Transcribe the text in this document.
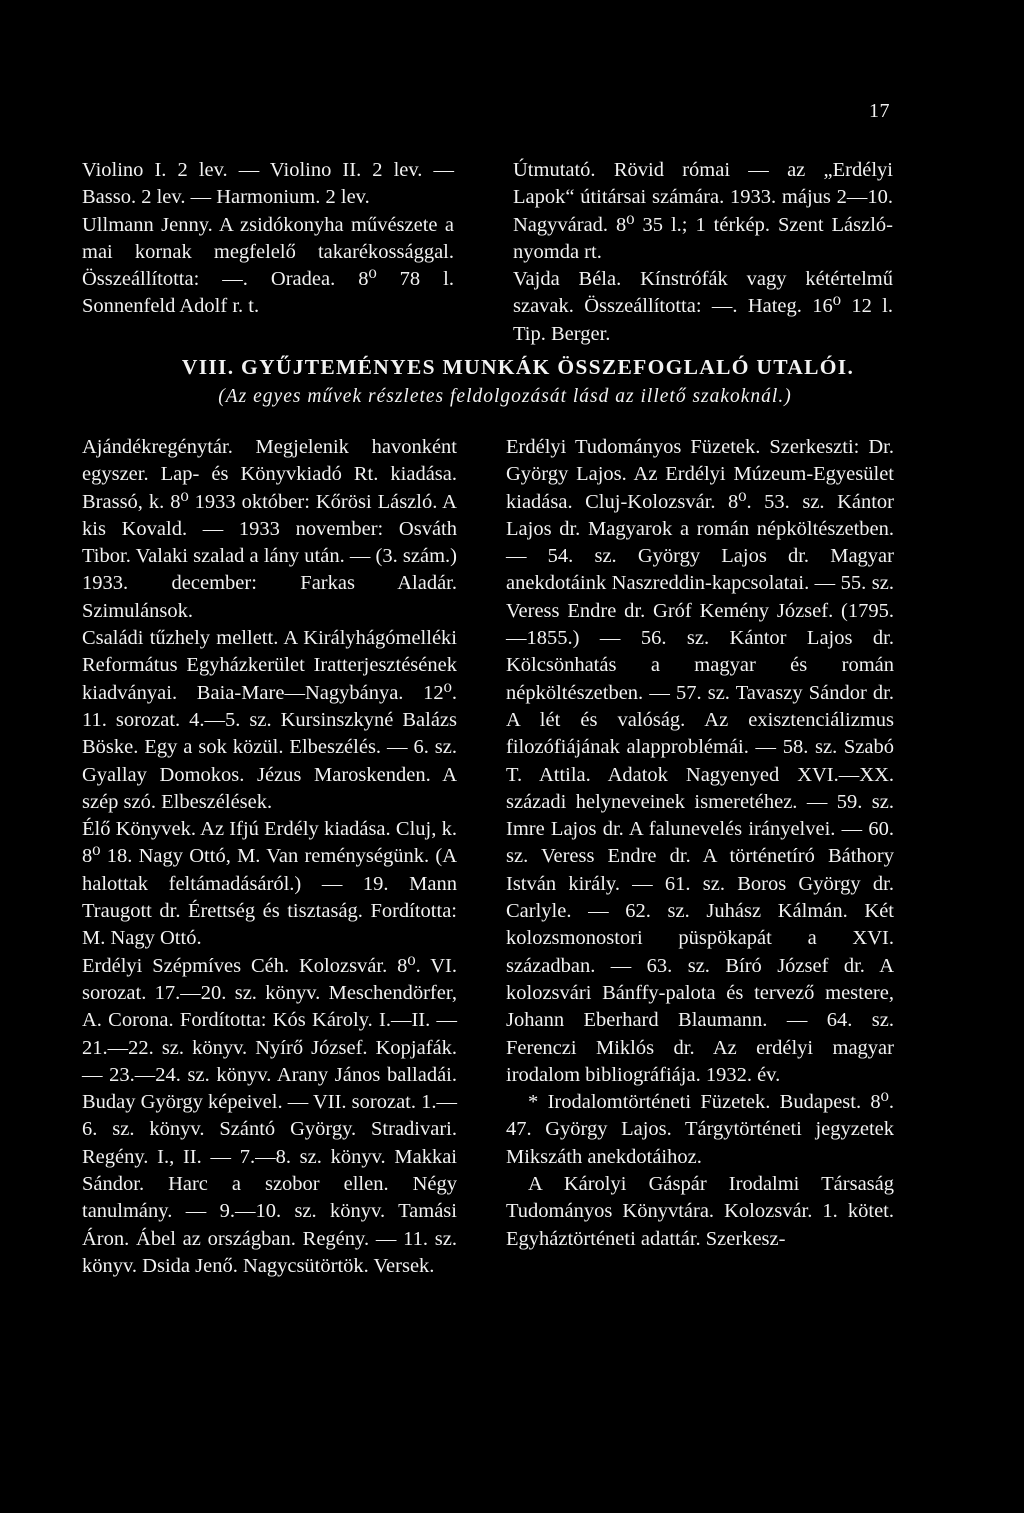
17

Violino I. 2 lev. — Violino II. 2 lev. — Basso. 2 lev. — Harmonium. 2 lev.

Ullmann Jenny. A zsidókonyha művészete a mai kornak megfelelő takarékossággal. Összeállította: —. Oradea. 8⁰ 78 l. Sonnenfeld Adolf r. t.

Útmutató. Rövid római — az „Erdélyi Lapok“ útitársai számára. 1933. május 2—10. Nagyvárad. 8⁰ 35 l.; 1 térkép. Szent László-nyomda rt.

Vajda Béla. Kínstrófák vagy kétértelmű szavak. Összeállította: —. Hateg. 16⁰ 12 l. Tip. Berger.

VIII. GYŰJTEMÉNYES MUNKÁK ÖSSZEFOGLALÓ UTALÓI.
(Az egyes művek részletes feldolgozását lásd az illető szakoknál.)

Ajándékregénytár. Megjelenik havonként egyszer. Lap- és Könyvkiadó Rt. kiadása. Brassó, k. 8⁰ 1933 október: Kőrösi László. A kis Kovald. — 1933 november: Osváth Tibor. Valaki szalad a lány után. — (3. szám.) 1933. december: Farkas Aladár. Szimulánsok.

Családi tűzhely mellett. A Királyhágómelléki Református Egyházkerület Iratterjesztésének kiadványai. Baia-Mare—Nagybánya. 12⁰. 11. sorozat. 4.—5. sz. Kursinszkyné Balázs Böske. Egy a sok közül. Elbeszélés. — 6. sz. Gyallay Domokos. Jézus Maroskenden. A szép szó. Elbeszélések.

Élő Könyvek. Az Ifjú Erdély kiadása. Cluj, k. 8⁰ 18. Nagy Ottó, M. Van reménységünk. (A halottak feltámadásáról.) — 19. Mann Traugott dr. Érettség és tisztaság. Fordította: M. Nagy Ottó.

Erdélyi Szépmíves Céh. Kolozsvár. 8⁰. VI. sorozat. 17.—20. sz. könyv. Meschendörfer, A. Corona. Fordította: Kós Károly. I.—II. — 21.—22. sz. könyv. Nyírő József. Kopjafák. — 23.—24. sz. könyv. Arany János balladái. Buday György képeivel. — VII. sorozat. 1.—6. sz. könyv. Szántó György. Stradivari. Regény. I., II. — 7.—8. sz. könyv. Makkai Sándor. Harc a szobor ellen. Négy tanulmány. — 9.—10. sz. könyv. Tamási Áron. Ábel az országban. Regény. — 11. sz. könyv. Dsida Jenő. Nagycsütörtök. Versek.

Erdélyi Tudományos Füzetek. Szerkeszti: Dr. György Lajos. Az Erdélyi Múzeum-Egyesület kiadása. Cluj-Kolozsvár. 8⁰. 53. sz. Kántor Lajos dr. Magyarok a román népköltészetben. — 54. sz. György Lajos dr. Magyar anekdotáink Naszreddin-kapcsolatai. — 55. sz. Veress Endre dr. Gróf Kemény József. (1795.—1855.) — 56. sz. Kántor Lajos dr. Kölcsönhatás a magyar és román népköltészetben. — 57. sz. Tavaszy Sándor dr. A lét és valóság. Az exisztenciálizmus filozófiájának alapproblémái. — 58. sz. Szabó T. Attila. Adatok Nagyenyed XVI.—XX. századi helyneveinek ismeretéhez. — 59. sz. Imre Lajos dr. A falunevelés irányelvei. — 60. sz. Veress Endre dr. A történetíró Báthory István király. — 61. sz. Boros György dr. Carlyle. — 62. sz. Juhász Kálmán. Két kolozsmonostori püspökapát a XVI. században. — 63. sz. Bíró József dr. A kolozsvári Bánffy-palota és tervező mestere, Johann Eberhard Blaumann. — 64. sz. Ferenczi Miklós dr. Az erdélyi magyar irodalom bibliográfiája. 1932. év.

* Irodalomtörténeti Füzetek. Budapest. 8⁰. 47. György Lajos. Tárgytörténeti jegyzetek Mikszáth anekdotáihoz.

A Károlyi Gáspár Irodalmi Társaság Tudományos Könyvtára. Kolozsvár. 1. kötet. Egyháztörténeti adattár. Szerkesz-
